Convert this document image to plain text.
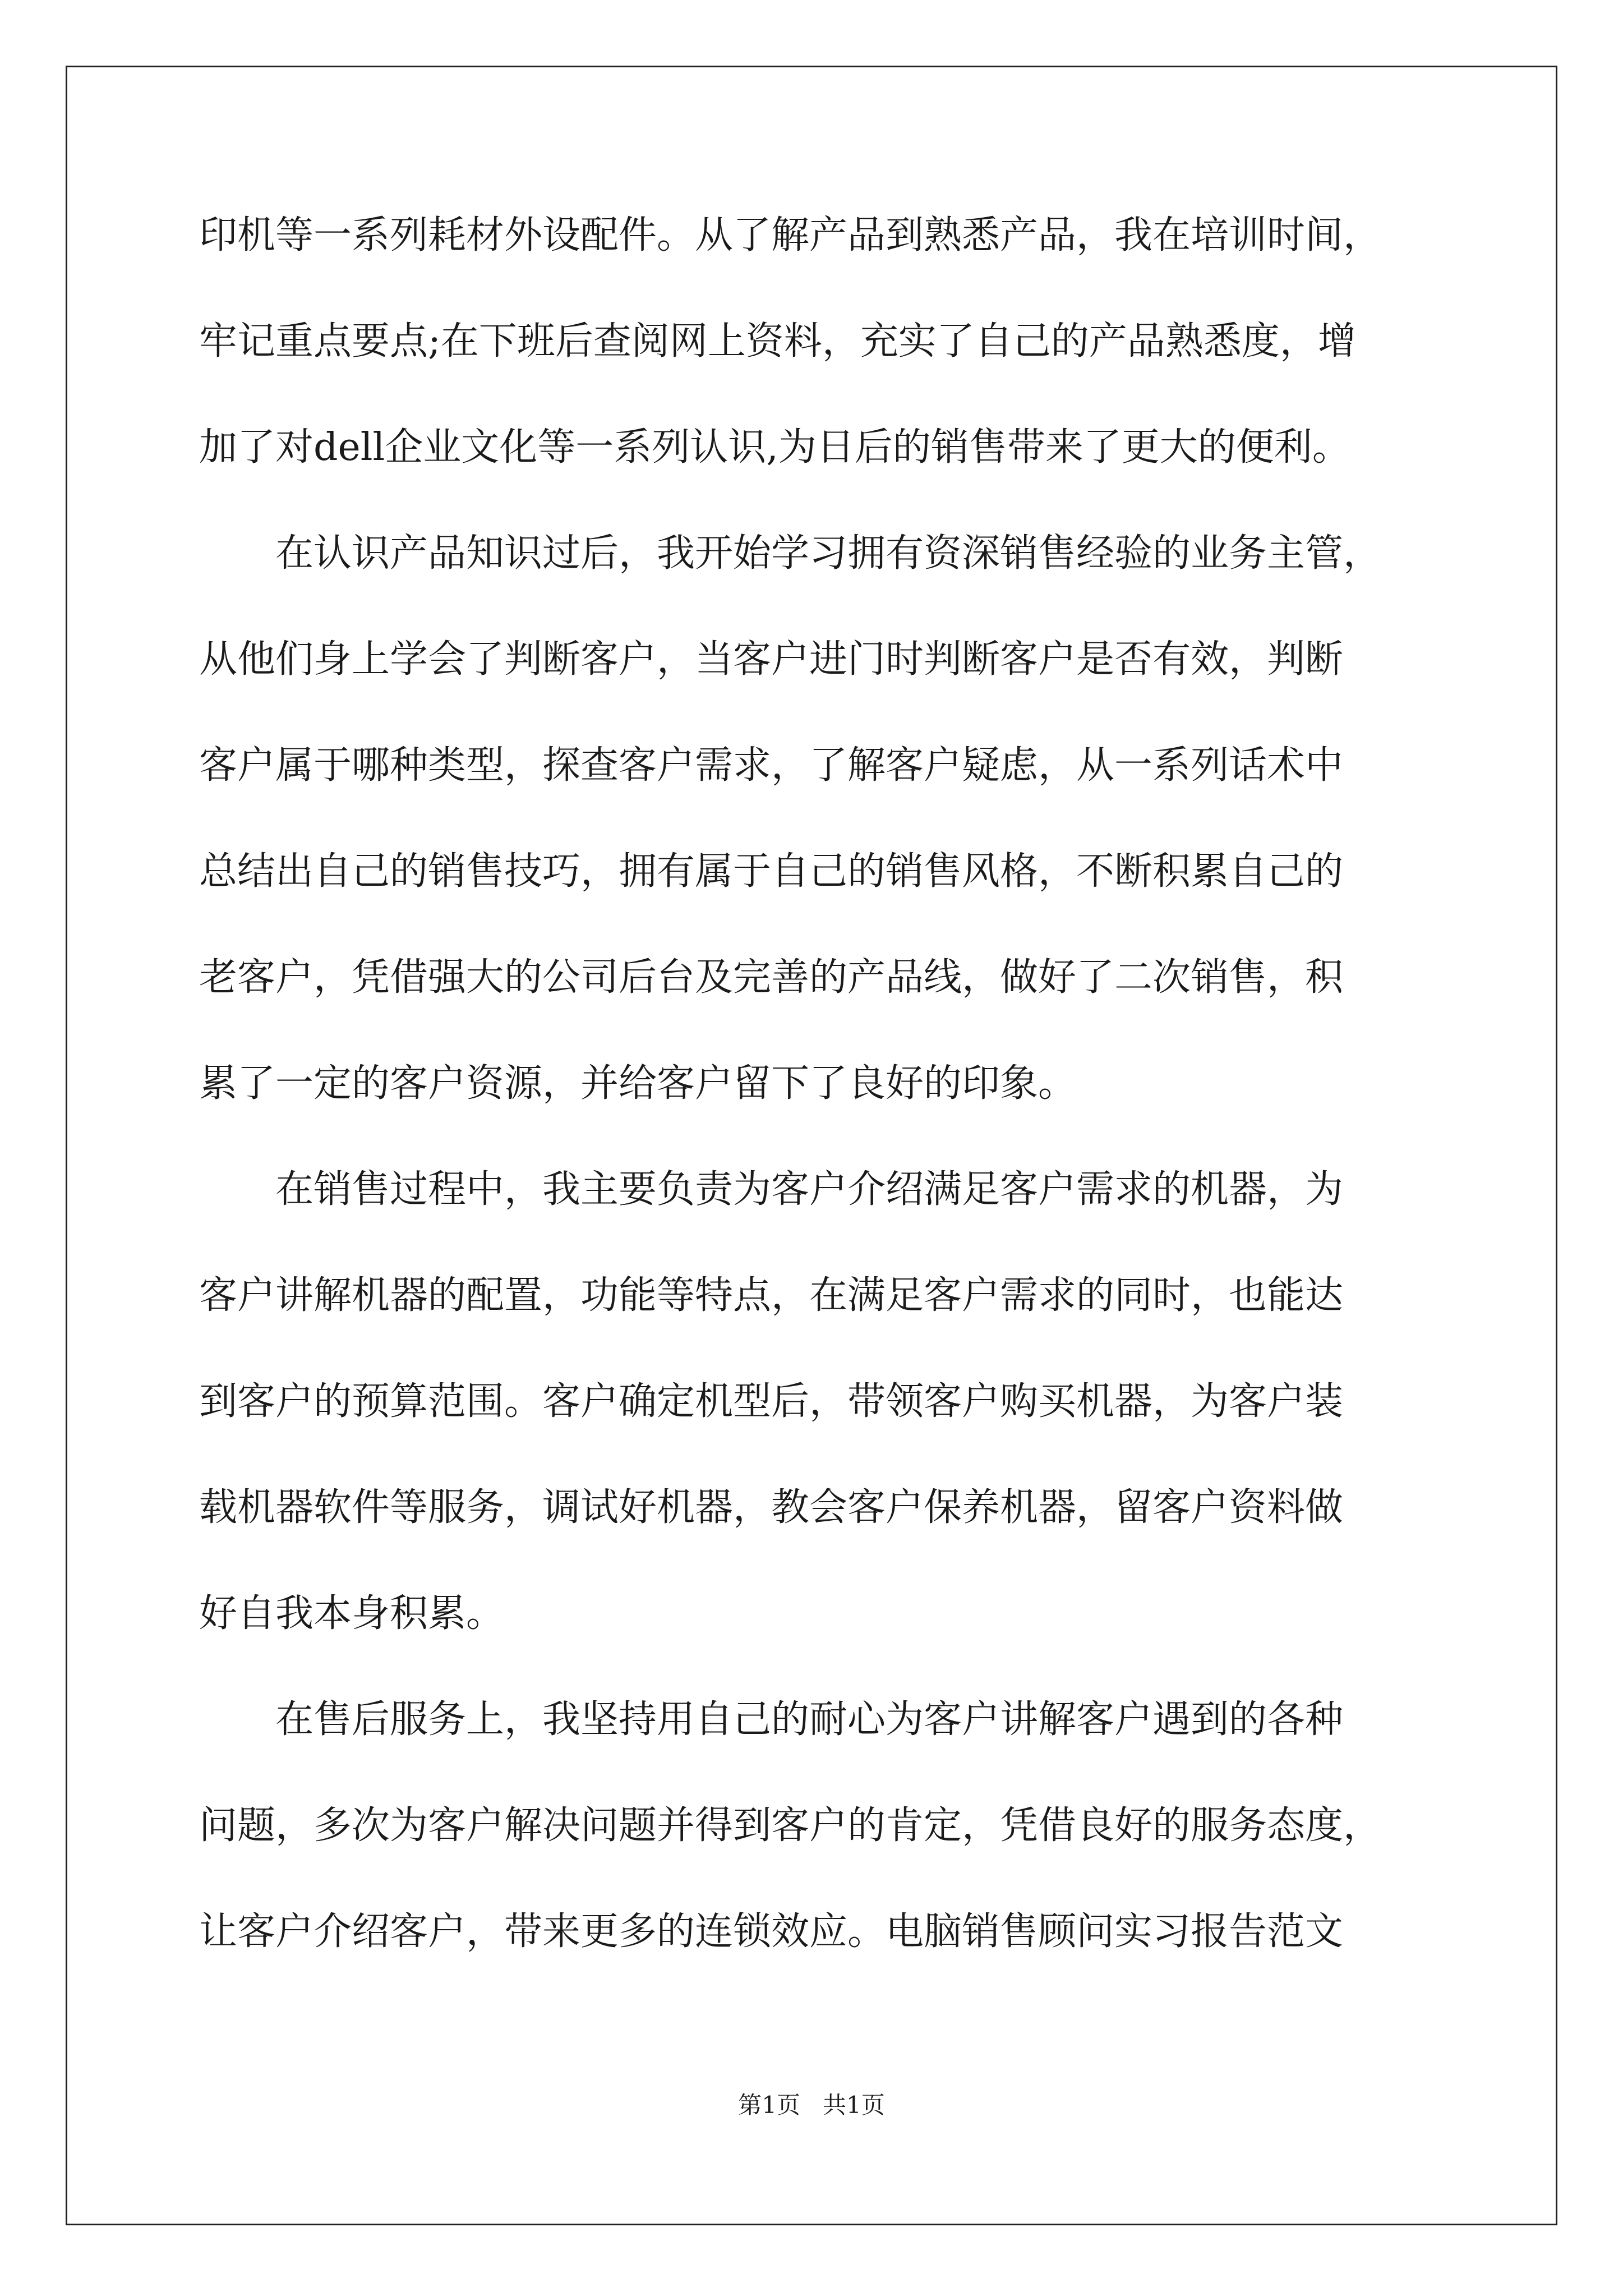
印机等一系列耗材外设配件。从了解产品到熟悉产品，我在培训时间，
牢记重点要点;在下班后查阅网上资料，充实了自己的产品熟悉度，增
加了对dell企业文化等一系列认识,为日后的销售带来了更大的便利。
在认识产品知识过后，我开始学习拥有资深销售经验的业务主管，
从他们身上学会了判断客户，当客户进门时判断客户是否有效，判断
客户属于哪种类型，探查客户需求，了解客户疑虑，从一系列话术中
总结出自己的销售技巧，拥有属于自己的销售风格，不断积累自己的
老客户，凭借强大的公司后台及完善的产品线，做好了二次销售，积
累了一定的客户资源，并给客户留下了良好的印象。
在销售过程中，我主要负责为客户介绍满足客户需求的机器，为
客户讲解机器的配置，功能等特点，在满足客户需求的同时，也能达
到客户的预算范围。客户确定机型后，带领客户购买机器，为客户装
载机器软件等服务，调试好机器，教会客户保养机器，留客户资料做
好自我本身积累。
在售后服务上，我坚持用自己的耐心为客户讲解客户遇到的各种
问题，多次为客户解决问题并得到客户的肯定，凭借良好的服务态度，
让客户介绍客户，带来更多的连锁效应。电脑销售顾问实习报告范文
第1页 共1页
